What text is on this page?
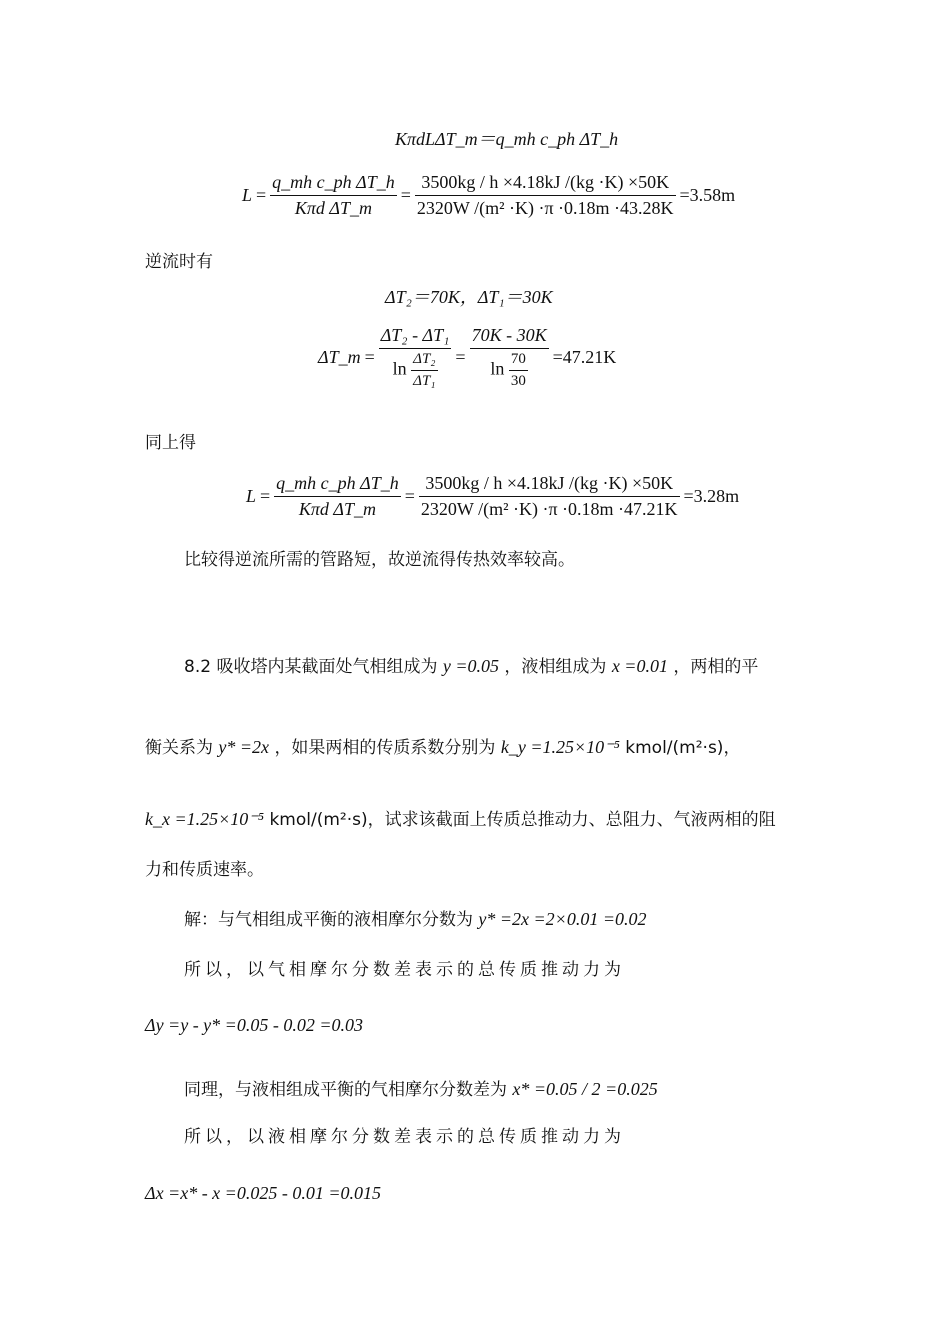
KπdLΔT_m＝q_mh c_ph ΔT_h
$L = \frac{\text{q\_mh c\_ph ΔT\_h}}{\text{Kπd ΔT\_m}} = \frac{3500kg / h \times 4.18kJ /(kg \cdot K) \times 50K}{\text{2320W /(m² ·K) ·π ·0.18m ·43.28K}} =3.58m$
逆流时有
ΔT₂＝70K，ΔT₁＝30K
ΔT_m = $\frac{\text{ΔT₂ - ΔT₁}}{\ln \frac{\text{ΔT₂}}{\text{ΔT₁}}} = \frac{70K - 30K}{\ln \frac{70}{30}} =47.21K$
同上得
$L = \frac{\text{q\_mh c\_ph ΔT\_h}}{\text{Kπd ΔT\_m}} = \frac{3500kg / h \times 4.18kJ /(kg \cdot K) \times 50K}{\text{2320W /(m² ·K) ·π ·0.18m ·47.21K}} =3.28m$
比较得逆流所需的管路短，故逆流得传热效率较高。
8.2 吸收塔内某截面处气相组成为 y =0.05 ，液相组成为 x =0.01 ，两相的平
衡关系为 y* =2x ，如果两相的传质系数分别为 k_y =1.25×10⁻⁵ kmol/(m²·s)，
k_x =1.25×10⁻⁵ kmol/(m²·s)，试求该截面上传质总推动力、总阻力、气液两相的阻
力和传质速率。
解：与气相组成平衡的液相摩尔分数为 y* =2x =2×0.01 =0.02
所以，以气相摩尔分数差表示的总传质推动力为
Δy =y - y* =0.05 - 0.02 =0.03
同理，与液相组成平衡的气相摩尔分数差为 x* =0.05 / 2 =0.025
所以，以液相摩尔分数差表示的总传质推动力为
Δx =x* - x =0.025 - 0.01 =0.015
